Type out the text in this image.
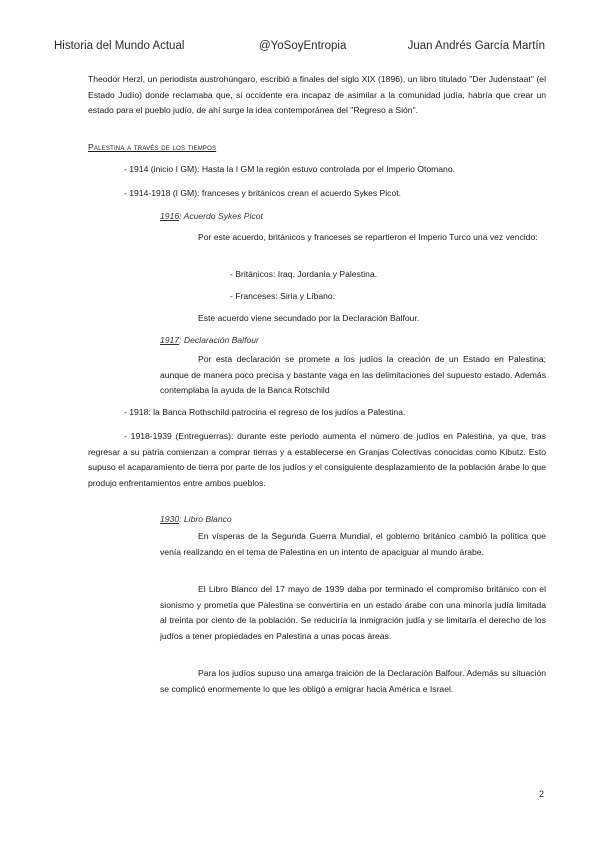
Historia del Mundo Actual	@YoSoyEntropia	Juan Andrés García Martín

Theodor Herzl, un periodista austrohúngaro, escribió a finales del siglo XIX (1896), un libro titulado "Der Judenstaat" (el Estado Judío) donde reclamaba que, si occidente era incapaz de asimilar a la comunidad judía, habría que crear un estado para el pueblo judío, de ahí surge la idea contemporánea del "Regreso a Sión".

Palestina a través de los tiempos

- 1914 (inicio I GM): Hasta la I GM la región estuvo controlada por el Imperio Otomano.

- 1914-1918 (I GM): franceses y británicos crean el acuerdo Sykes Picot.

1916: Acuerdo Sykes Picot

Por este acuerdo, británicos y franceses se repartieron el Imperio Turco una vez vencido:

- Británicos: Iraq, Jordania y Palestina.
- Franceses: Siria y Líbano.

Este acuerdo viene secundado por la Declaración Balfour.

1917: Declaración Balfour

Por esta declaración se promete a los judíos la creación de un Estado en Palestina; aunque de manera poco precisa y bastante vaga en las delimitaciones del supuesto estado. Además contemplaba la ayuda de la Banca Rotschild

- 1918: la Banca Rothschild patrocina el regreso de los judíos a Palestina.

- 1918-1939 (Entreguerras): durante este periodo aumenta el número de judíos en Palestina, ya que, tras regresar a su patria comienzan a comprar tierras y a establecerse en Granjas Colectivas conocidas como Kibutz. Esto supuso el acaparamiento de tierra por parte de los judíos y el consiguiente desplazamiento de la población árabe lo que produjo enfrentamientos entre ambos pueblos.

1930: Libro Blanco

En vísperas de la Segunda Guerra Mundial, el gobierno británico cambió la política que venía realizando en el tema de Palestina en un intento de apaciguar al mundo árabe.

El Libro Blanco del 17 mayo de 1939 daba por terminado el compromiso británico con el sionismo y prometía que Palestina se convertiría en un estado árabe con una minoría judía limitada al treinta por ciento de la población. Se reduciría la inmigración judía y se limitaría el derecho de los judíos a tener propiedades en Palestina a unas pocas áreas.

Para los judíos supuso una amarga traición de la Declaración Balfour. Además su situación se complicó enormemente lo que les obligó a emigrar hacia América e Israel.

2
